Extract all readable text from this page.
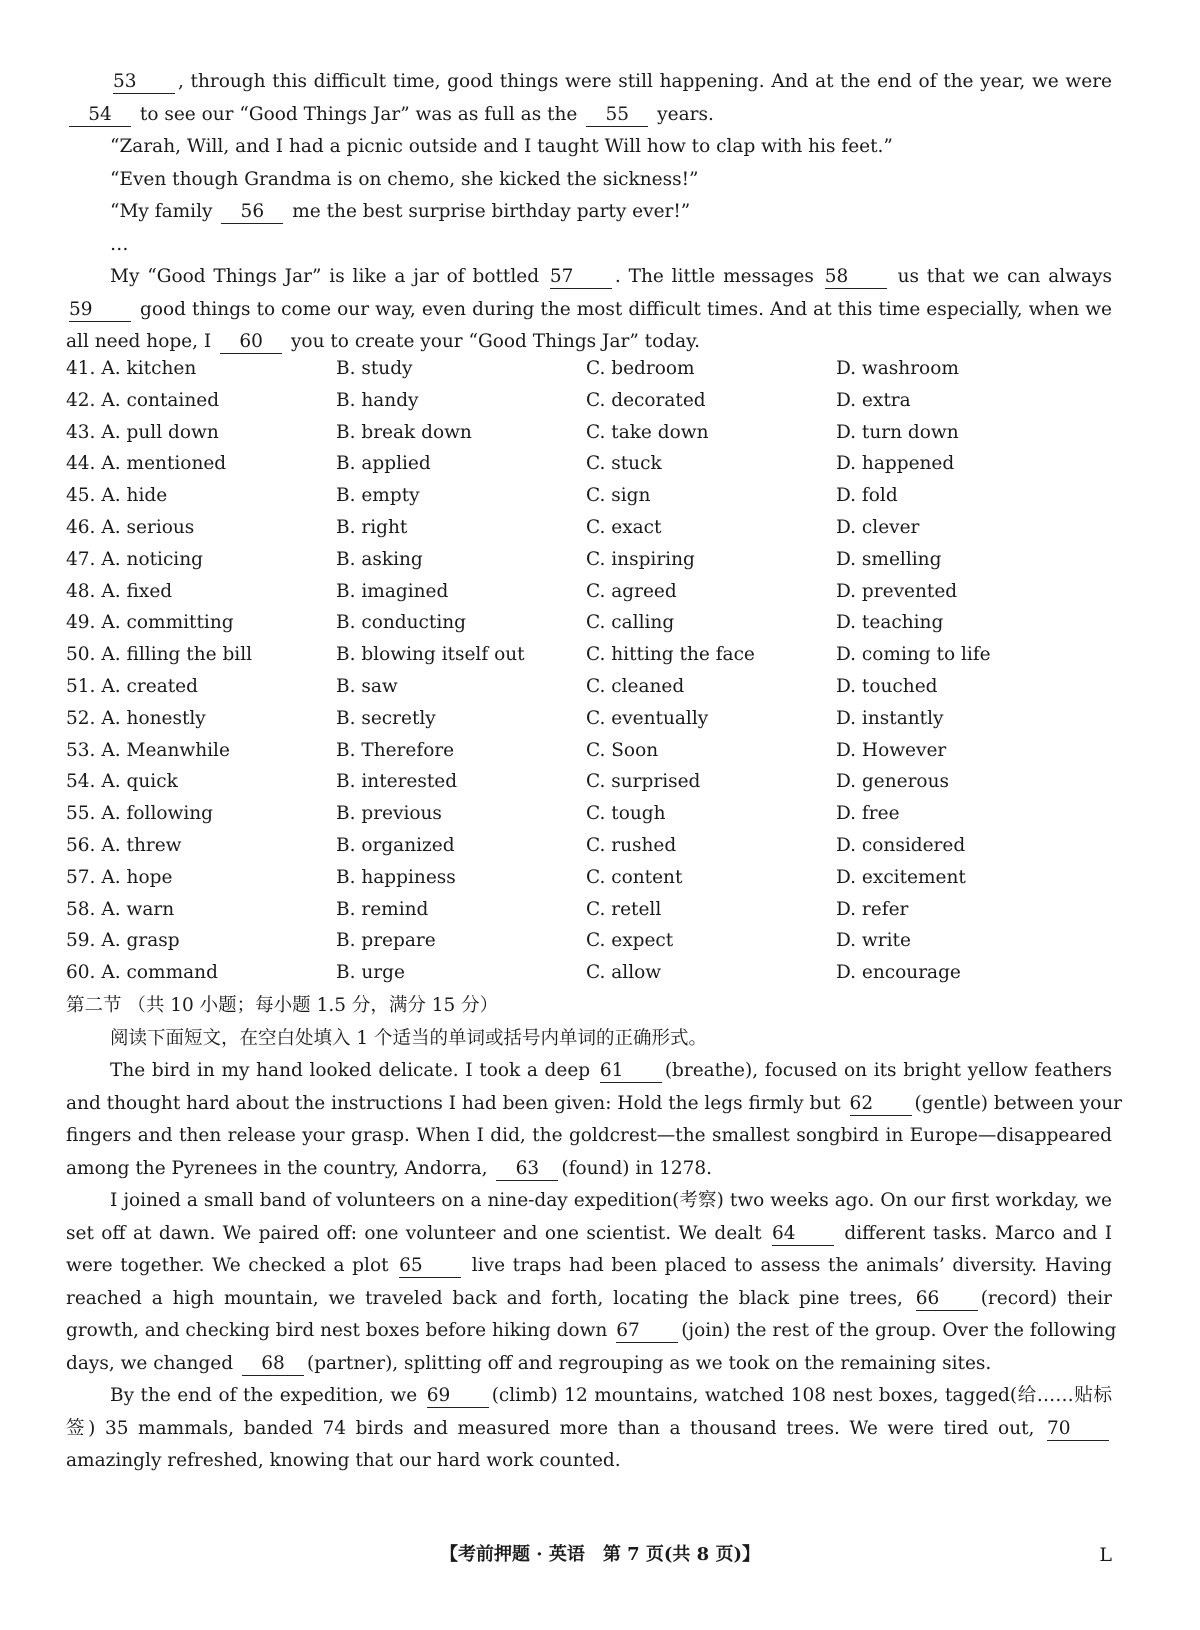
53 , through this difficult time, good things were still happening. And at the end of the year, we were
54 to see our “Good Things Jar” was as full as the 55 years.
“Zarah, Will, and I had a picnic outside and I taught Will how to clap with his feet.”
“Even though Grandma is on chemo, she kicked the sickness!”
“My family 56 me the best surprise birthday party ever!”
…
My “Good Things Jar” is like a jar of bottled 57 . The little messages 58	us that we can always
59	good things to come our way, even during the most difficult times. And at this time especially, when we
all need hope, I 60 you to create your “Good Things Jar” today.
41. A. kitchen	B. study	C. bedroom	D. washroom
42. A. contained	B. handy	C. decorated	D. extra
43. A. pull down	B. break down	C. take down	D. turn down
44. A. mentioned	B. applied	C. stuck	D. happened
45. A. hide	B. empty	C. sign	D. fold
46. A. serious	B. right	C. exact	D. clever
47. A. noticing	B. asking	C. inspiring	D. smelling
48. A. fixed	B. imagined	C. agreed	D. prevented
49. A. committing	B. conducting	C. calling	D. teaching
50. A. filling the bill	B. blowing itself out	C. hitting the face	D. coming to life
51. A. created	B. saw	C. cleaned	D. touched
52. A. honestly	B. secretly	C. eventually	D. instantly
53. A. Meanwhile	B. Therefore	C. Soon	D. However
54. A. quick	B. interested	C. surprised	D. generous
55. A. following	B. previous	C. tough	D. free
56. A. threw	B. organized	C. rushed	D. considered
57. A. hope	B. happiness	C. content	D. excitement
58. A. warn	B. remind	C. retell	D. refer
59. A. grasp	B. prepare	C. expect	D. write
60. A. command	B. urge	C. allow	D. encourage
第二节 （共 10 小题；每小题 1.5 分，满分 15 分）
阅读下面短文，在空白处填入 1 个适当的单词或括号内单词的正确形式。
The bird in my hand looked delicate. I took a deep 61 (breathe), focused on its bright yellow feathers
and thought hard about the instructions I had been given: Hold the legs firmly but 62 (gentle) between your
fingers and then release your grasp. When I did, the goldcrest—the smallest songbird in Europe—disappeared
among the Pyrenees in the country, Andorra, 63 (found) in 1278.
I joined a small band of volunteers on a nine-day expedition(考察) two weeks ago. On our first workday, we
set off at dawn. We paired off: one volunteer and one scientist. We dealt 64	different tasks. Marco and I
were together. We checked a plot 65	live traps had been placed to assess the animals’ diversity. Having
reached a high mountain, we traveled back and forth, locating the black pine trees, 66 (record) their
growth, and checking bird nest boxes before hiking down 67 (join) the rest of the group. Over the following
days, we changed 68 (partner), splitting off and regrouping as we took on the remaining sites.
By the end of the expedition, we 69 (climb) 12 mountains, watched 108 nest boxes, tagged(给……贴标
签) 35 mammals, banded 74 birds and measured more than a thousand trees. We were tired out, 70
amazingly refreshed, knowing that our hard work counted.
【考前押题 · 英语　第 7 页(共 8 页)】	L
